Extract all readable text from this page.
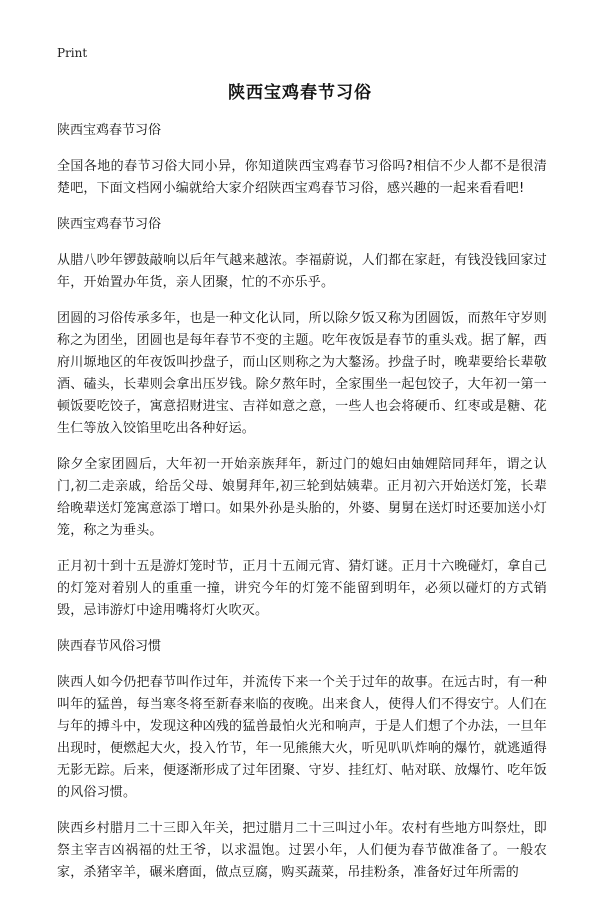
Print
陕西宝鸡春节习俗
陕西宝鸡春节习俗

全国各地的春节习俗大同小异，你知道陕西宝鸡春节习俗吗?相信不少人都不是很清楚吧，下面文档网小编就给大家介绍陕西宝鸡春节习俗，感兴趣的一起来看看吧!

陕西宝鸡春节习俗

从腊八吵年锣鼓敲响以后年气越来越浓。李福蔚说，人们都在家赶，有钱没钱回家过年，开始置办年货，亲人团聚，忙的不亦乐乎。

团圆的习俗传承多年，也是一种文化认同，所以除夕饭又称为团圆饭，而熬年守岁则称之为团坐，团圆也是每年春节不变的主题。吃年夜饭是春节的重头戏。据了解，西府川塬地区的年夜饭叫抄盘子，而山区则称之为大鏊汤。抄盘子时，晚辈要给长辈敬酒、磕头，长辈则会拿出压岁钱。除夕熬年时，全家围坐一起包饺子，大年初一第一顿饭要吃饺子，寓意招财进宝、吉祥如意之意，一些人也会将硬币、红枣或是糖、花生仁等放入饺馅里吃出各种好运。

除夕全家团圆后，大年初一开始亲族拜年，新过门的媳妇由妯娌陪同拜年，谓之认门,初二走亲戚，给岳父母、娘舅拜年,初三轮到姑姨辈。正月初六开始送灯笼，长辈给晚辈送灯笼寓意添丁增口。如果外孙是头胎的，外婆、舅舅在送灯时还要加送小灯笼，称之为垂头。

正月初十到十五是游灯笼时节，正月十五闹元宵、猜灯谜。正月十六晚碰灯，拿自己的灯笼对着别人的重重一撞，讲究今年的灯笼不能留到明年，必须以碰灯的方式销毁，忌讳游灯中途用嘴将灯火吹灭。

陕西春节风俗习惯

陕西人如今仍把春节叫作过年，并流传下来一个关于过年的故事。在远古时，有一种叫年的猛兽，每当寒冬将至新春来临的夜晚。出来食人，使得人们不得安宁。人们在与年的搏斗中，发现这种凶残的猛兽最怕火光和响声，于是人们想了个办法，一旦年出现时，便燃起大火，投入竹节，年一见熊熊大火，听见叭叭炸响的爆竹，就逃遁得无影无踪。后来，便逐渐形成了过年团聚、守岁、挂红灯、帖对联、放爆竹、吃年饭的风俗习惯。

陕西乡村腊月二十三即入年关，把过腊月二十三叫过小年。农村有些地方叫祭灶，即祭主宰吉凶祸福的灶王爷，以求温饱。过罢小年，人们便为春节做准备了。一般农家，杀猪宰羊，碾米磨面，做点豆腐，购买蔬菜，吊挂粉条，准备好过年所需的
